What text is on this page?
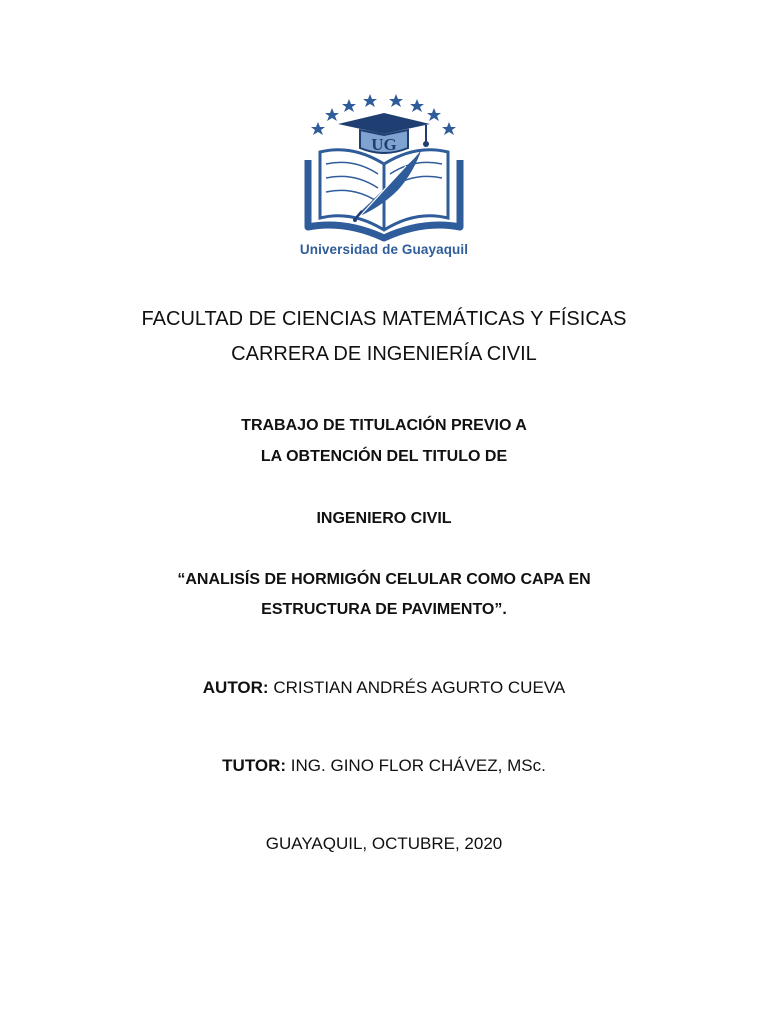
UG
Universidad de Guayaquil
FACULTAD DE CIENCIAS MATEMÁTICAS Y FÍSICAS
CARRERA DE INGENIERÍA CIVIL
TRABAJO DE TITULACIÓN PREVIO A
LA OBTENCIÓN DEL TITULO DE
INGENIERO CIVIL
“ANALISÍS DE HORMIGÓN CELULAR COMO CAPA EN
ESTRUCTURA DE PAVIMENTO”.
AUTOR: CRISTIAN ANDRÉS AGURTO CUEVA
TUTOR: ING. GINO FLOR CHÁVEZ, MSc.
GUAYAQUIL, OCTUBRE, 2020
